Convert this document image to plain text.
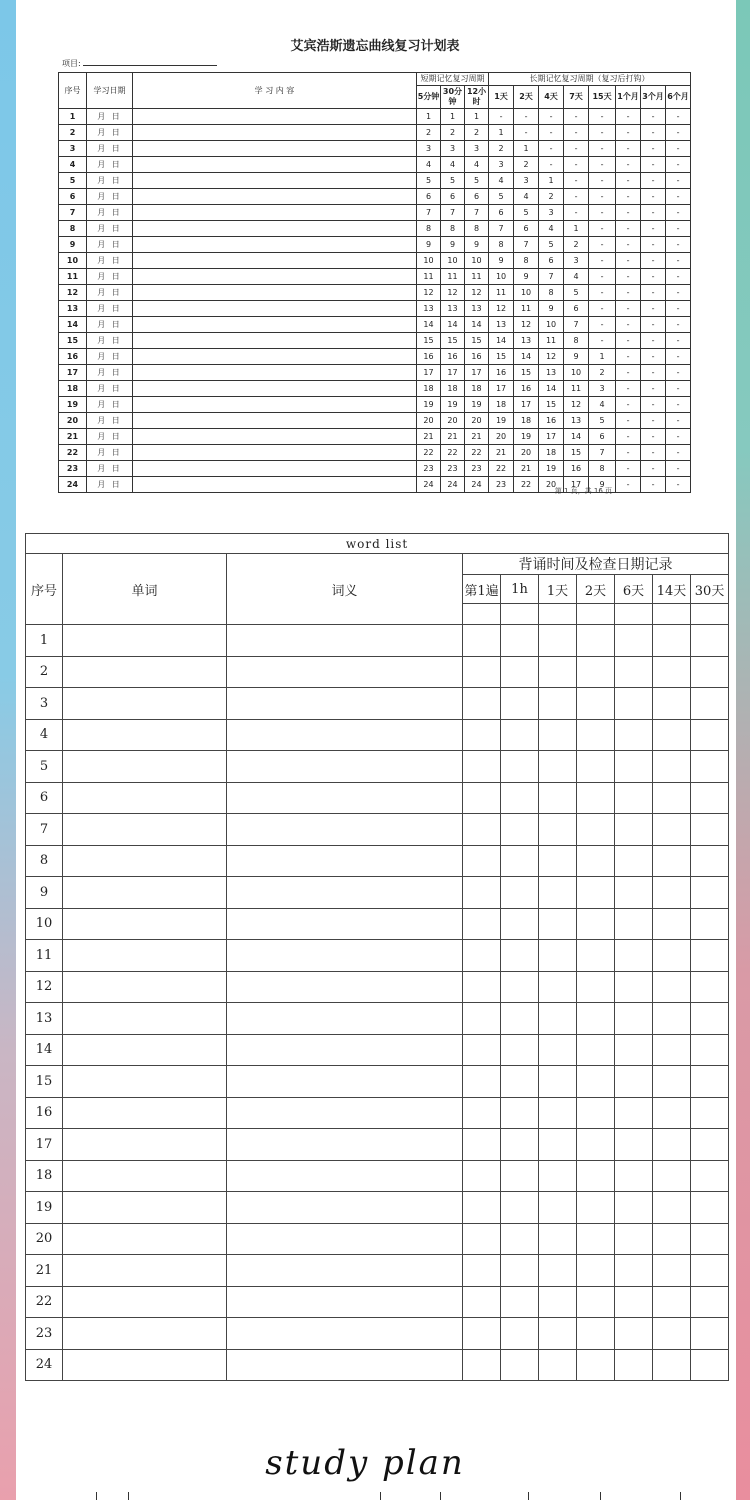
艾宾浩斯遗忘曲线复习计划表
项目:
序号	学习日期	学 习 内 容	短期记忆复习周期			长期记忆复习周期（复习后打钩）							
			5分钟	30分钟	12小时	1天	2天	4天	7天	15天	1个月	3个月	6个月
1	月 日		1	1	1	-	-	-	-	-	-	-	-
2	月 日		2	2	2	1	-	-	-	-	-	-	-
3	月 日		3	3	3	2	1	-	-	-	-	-	-
4	月 日		4	4	4	3	2	-	-	-	-	-	-
5	月 日		5	5	5	4	3	1	-	-	-	-	-
6	月 日		6	6	6	5	4	2	-	-	-	-	-
7	月 日		7	7	7	6	5	3	-	-	-	-	-
8	月 日		8	8	8	7	6	4	1	-	-	-	-
9	月 日		9	9	9	8	7	5	2	-	-	-	-
10	月 日		10	10	10	9	8	6	3	-	-	-	-
11	月 日		11	11	11	10	9	7	4	-	-	-	-
12	月 日		12	12	12	11	10	8	5	-	-	-	-
13	月 日		13	13	13	12	11	9	6	-	-	-	-
14	月 日		14	14	14	13	12	10	7	-	-	-	-
15	月 日		15	15	15	14	13	11	8	-	-	-	-
16	月 日		16	16	16	15	14	12	9	1	-	-	-
17	月 日		17	17	17	16	15	13	10	2	-	-	-
18	月 日		18	18	18	17	16	14	11	3	-	-	-
19	月 日		19	19	19	18	17	15	12	4	-	-	-
20	月 日		20	20	20	19	18	16	13	5	-	-	-
21	月 日		21	21	21	20	19	17	14	6	-	-	-
22	月 日		22	22	22	21	20	18	15	7	-	-	-
23	月 日		23	23	23	22	21	19	16	8	-	-	-
24	月 日		24	24	24	23	22	20	17	9	-	-	-
第 1 页，共 16 页
word list									
序号	单词	词义	背诵时间及检查日期记录						
			第1遍	1h	1天	2天	6天	14天	30天

1									
2									
3									
4									
5									
6									
7									
8									
9									
10									
11									
12									
13									
14									
15									
16									
17									
18									
19									
20									
21									
22									
23									
24									
study plan
